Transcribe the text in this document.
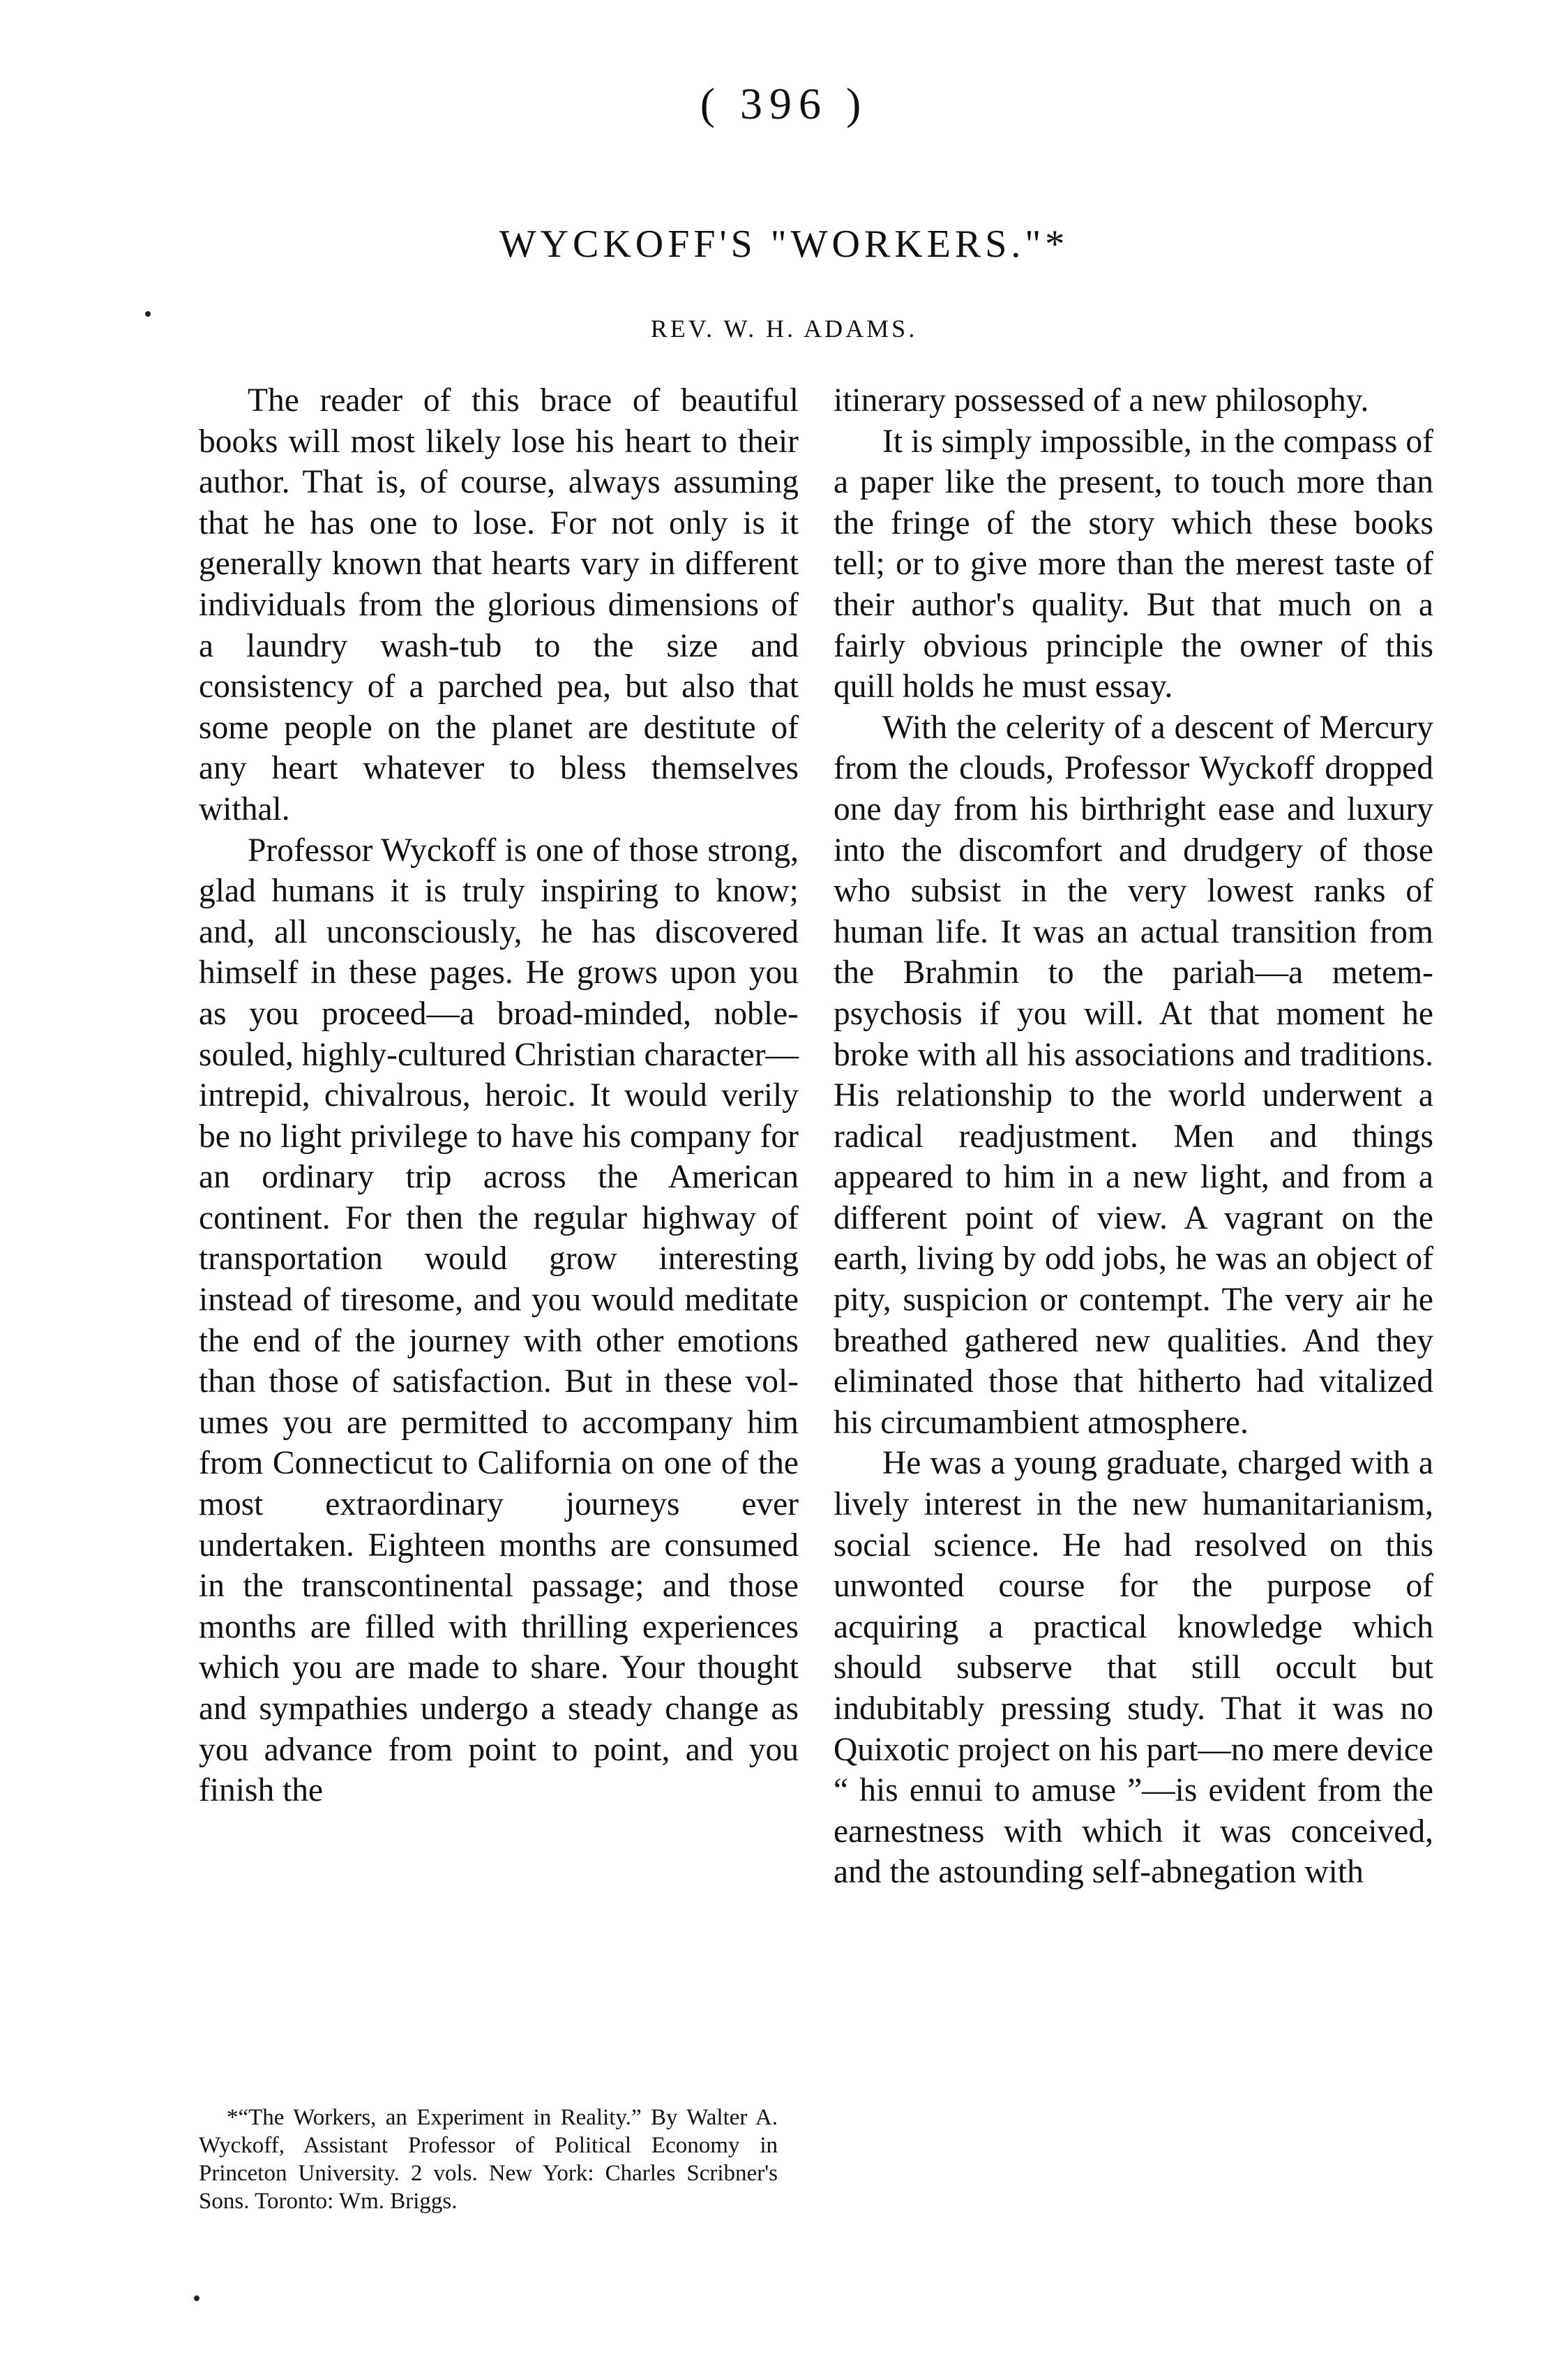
( 396 )
WYCKOFF'S "WORKERS."*
REV. W. H. ADAMS.

The reader of this brace of beautiful books will most likely lose his heart to their author. That is, of course, always assuming that he has one to lose. For not only is it generally known that hearts vary in different individuals from the glorious dimensions of a laundry wash-tub to the size and consistency of a parched pea, but also that some people on the planet are destitute of any heart whatever to bless themselves withal.

Professor Wyckoff is one of those strong, glad humans it is truly inspiring to know; and, all unconsciously, he has discovered himself in these pages. He grows upon you as you proceed—a broad-minded, noble-souled, highly-cultured Christian character—intrepid, chivalrous, heroic. It would verily be no light privilege to have his company for an ordinary trip across the American continent. For then the regular highway of transportation would grow interesting instead of tiresome, and you would meditate the end of the journey with other emotions than those of satisfaction. But in these volumes you are permitted to accompany him from Connecticut to California on one of the most extraordinary journeys ever undertaken. Eighteen months are consumed in the transcontinental passage; and those months are filled with thrilling experiences which you are made to share. Your thought and sympathies undergo a steady change as you advance from point to point, and you finish the

itinerary possessed of a new philosophy.

It is simply impossible, in the compass of a paper like the present, to touch more than the fringe of the story which these books tell; or to give more than the merest taste of their author's quality. But that much on a fairly obvious principle the owner of this quill holds he must essay.

With the celerity of a descent of Mercury from the clouds, Professor Wyckoff dropped one day from his birthright ease and luxury into the discomfort and drudgery of those who subsist in the very lowest ranks of human life. It was an actual transition from the Brahmin to the pariah—a metempsychosis if you will. At that moment he broke with all his associations and traditions. His relationship to the world underwent a radical readjustment. Men and things appeared to him in a new light, and from a different point of view. A vagrant on the earth, living by odd jobs, he was an object of pity, suspicion or contempt. The very air he breathed gathered new qualities. And they eliminated those that hitherto had vitalized his circumambient atmosphere.

He was a young graduate, charged with a lively interest in the new humanitarianism, social science. He had resolved on this unwonted course for the purpose of acquiring a practical knowledge which should subserve that still occult but indubitably pressing study. That it was no Quixotic project on his part—no mere device “ his ennui to amuse ”—is evident from the earnestness with which it was conceived, and the astounding self-abnegation with

*“The Workers, an Experiment in Reality.” By Walter A. Wyckoff, Assistant Professor of Political Economy in Princeton University. 2 vols. New York: Charles Scribner's Sons. Toronto: Wm. Briggs.
